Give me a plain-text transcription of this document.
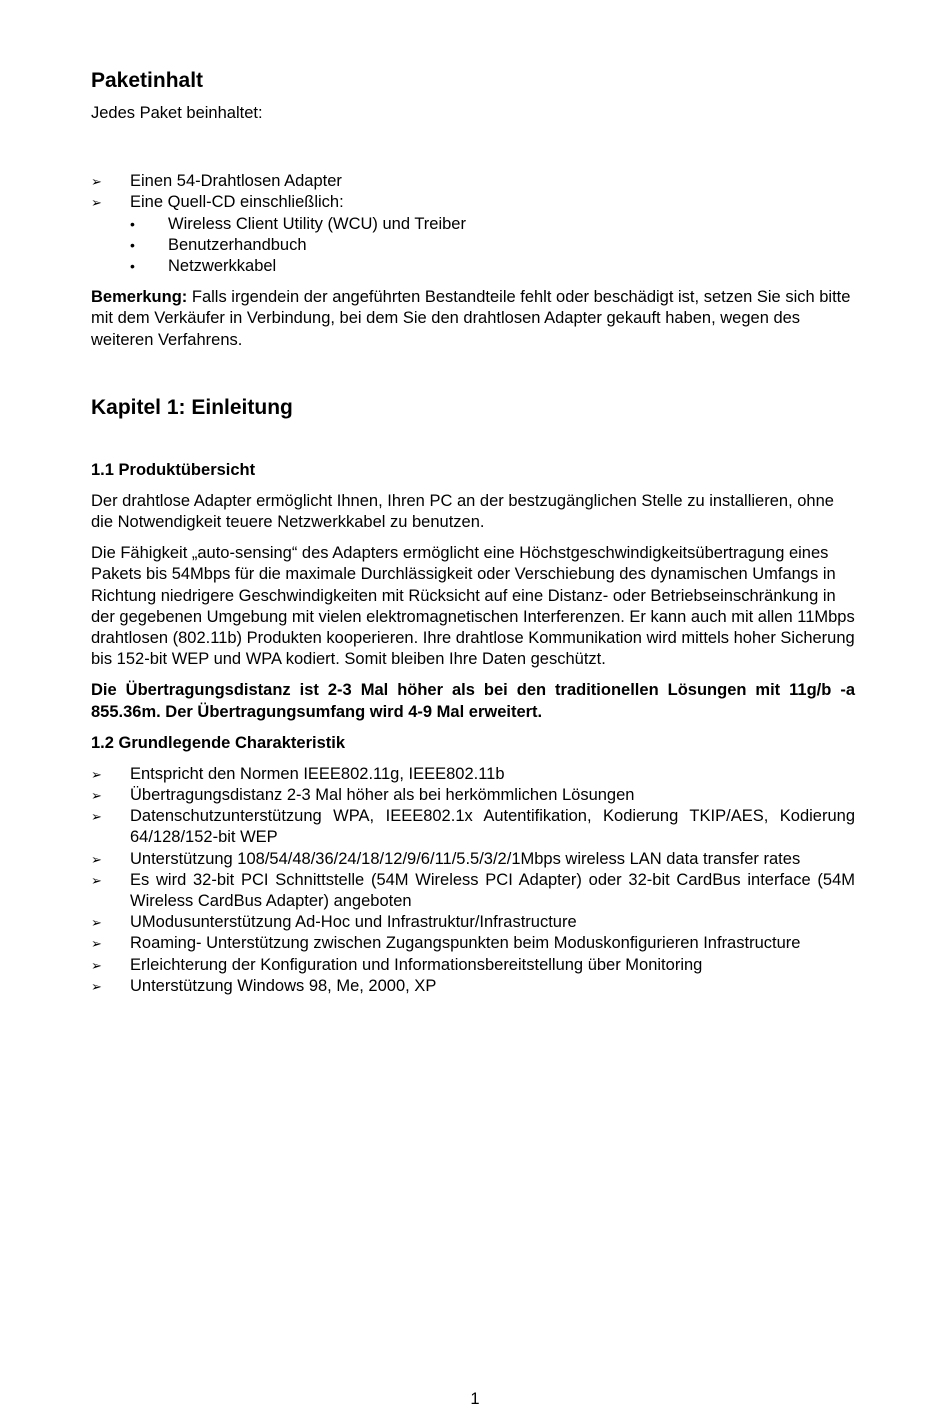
Paketinhalt

Jedes Paket beinhaltet:

➢ Einen 54-Drahtlosen Adapter
➢ Eine Quell-CD einschließlich:
• Wireless Client Utility (WCU) und Treiber
• Benutzerhandbuch
• Netzwerkkabel

Bemerkung: Falls irgendein der angeführten Bestandteile fehlt oder beschädigt ist, setzen Sie sich bitte mit dem Verkäufer in Verbindung, bei dem Sie den drahtlosen Adapter gekauft haben, wegen des weiteren Verfahrens.

Kapitel 1: Einleitung
1.1 Produktübersicht

Der drahtlose Adapter ermöglicht Ihnen, Ihren PC an der bestzugänglichen Stelle zu installieren, ohne die Notwendigkeit teuere Netzwerkkabel zu benutzen.

Die Fähigkeit „auto-sensing“ des Adapters ermöglicht eine Höchstgeschwindigkeitsübertragung eines Pakets bis 54Mbps für die maximale Durchlässigkeit oder Verschiebung des dynamischen Umfangs in Richtung niedrigere Geschwindigkeiten mit Rücksicht auf eine Distanz- oder Betriebseinschränkung in der gegebenen Umgebung mit vielen elektromagnetischen Interferenzen. Er kann auch mit allen 11Mbps drahtlosen (802.11b) Produkten kooperieren. Ihre drahtlose Kommunikation wird mittels hoher Sicherung bis 152-bit WEP und WPA kodiert. Somit bleiben Ihre Daten geschützt.

Die Übertragungsdistanz ist 2-3 Mal höher als bei den traditionellen Lösungen mit 11g/b -a 855.36m. Der Übertragungsumfang wird 4-9 Mal erweitert.

1.2 Grundlegende Charakteristik
➢ Entspricht den Normen IEEE802.11g, IEEE802.11b
➢ Übertragungsdistanz 2-3 Mal höher als bei herkömmlichen Lösungen
➢ Datenschutzunterstützung WPA, IEEE802.1x Autentifikation, Kodierung TKIP/AES, Kodierung 64/128/152-bit WEP
➢ Unterstützung 108/54/48/36/24/18/12/9/6/11/5.5/3/2/1Mbps wireless LAN data transfer rates
➢ Es wird 32-bit PCI Schnittstelle (54M Wireless PCI Adapter) oder 32-bit CardBus interface (54M Wireless CardBus Adapter) angeboten
➢ UModusunterstützung Ad-Hoc und Infrastruktur/Infrastructure
➢ Roaming- Unterstützung zwischen Zugangspunkten beim Moduskonfigurieren Infrastructure
➢ Erleichterung der Konfiguration und Informationsbereitstellung über Monitoring
➢ Unterstützung Windows 98, Me, 2000, XP
1
